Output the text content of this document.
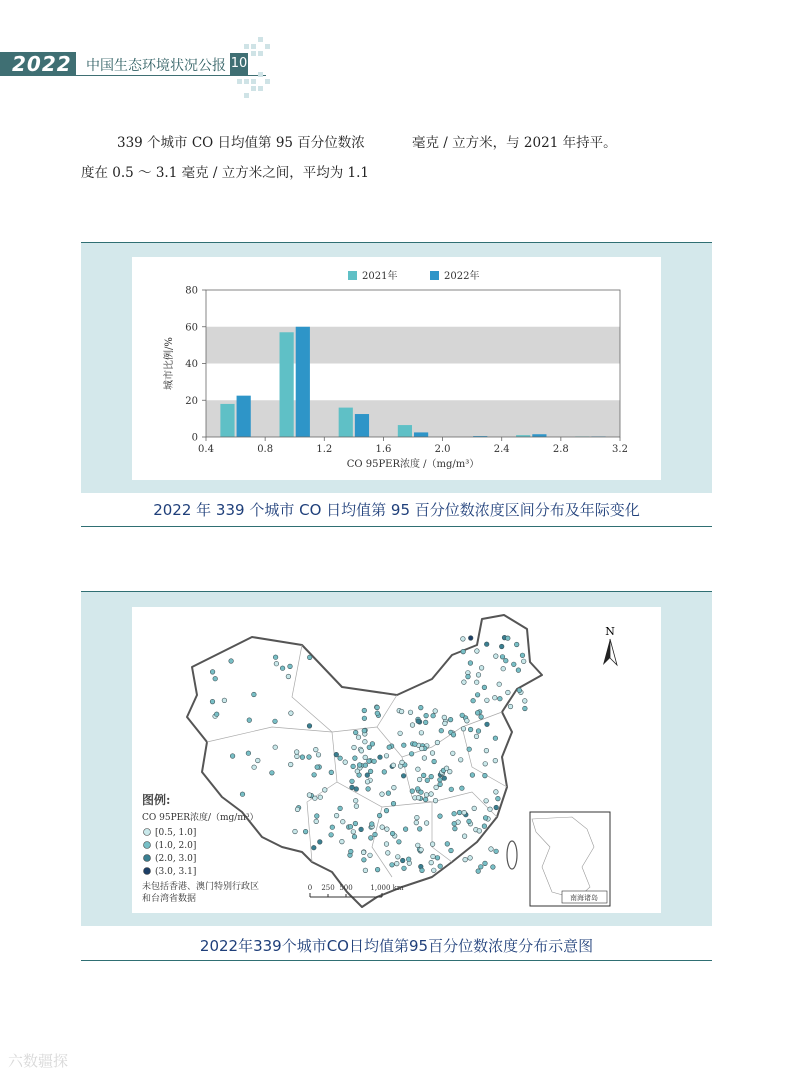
2022	中国生态环境状况公报 10
339 个城市 CO 日均值第 95 百分位数浓	毫克 / 立方米，与 2021 年持平。
度在 0.5 ～ 3.1 毫克 / 立方米之间，平均为 1.1
0
20
40
60
80
0.4	0.8	1.2	1.6	2.0	2.4	2.8	3.2
CO 95PER浓度 /（mg/m³）
城市比例/%
2021年	2022年
2022 年 339 个城市 CO 日均值第 95 百分位数浓度区间分布及年际变化
N
图例:
CO 95PER浓度/（mg/m³）
[0.5, 1.0]
(1.0, 2.0]
(2.0, 3.0]
(3.0, 3.1]
未包括香港、澳门特别行政区
和台湾省数据
0 250 500	1,000 km
南海诸岛
2022年339个城市CO日均值第95百分位数浓度分布示意图
六数疆探
